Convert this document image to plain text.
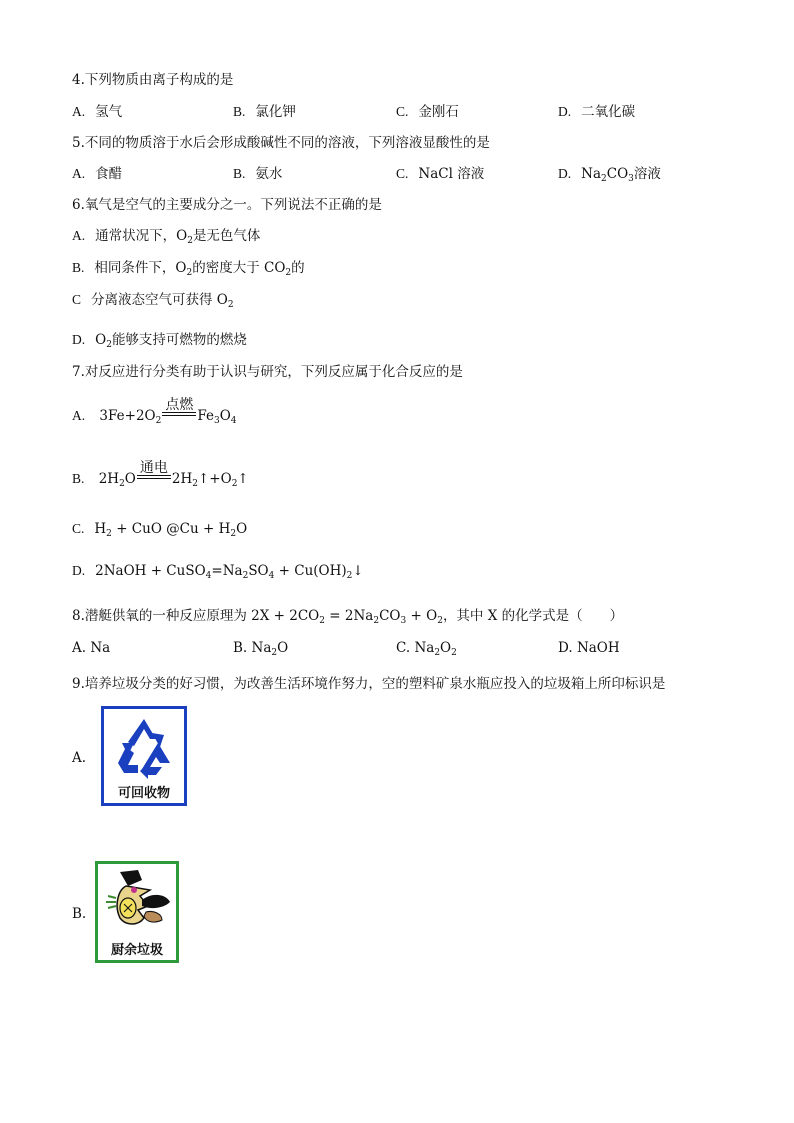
4.下列物质由离子构成的是
A. 氢气	B. 氯化钾	C. 金刚石	D. 二氧化碳
5.不同的物质溶于水后会形成酸碱性不同的溶液，下列溶液显酸性的是
A. 食醋	B. 氨水	C. NaCl 溶液	D. $Na_2CO_3$溶液
6.氧气是空气的主要成分之一。下列说法不正确的是
A. 通常状况下，$O_2$是无色气体
B. 相同条件下，$O_2$的密度大于 $CO_2$的
C 分离液态空气可获得 $O_2$
D. $O_2$能够支持可燃物的燃烧
7.对反应进行分类有助于认识与研究，下列反应属于化合反应的是
A. $3Fe+2O_2$
点燃
$Fe_3O_4$
B. $2H_2O$
通电
$2H_2↑+O_2↑$
C. $H_2$ + CuO @Cu + $H_2O$
D. 2NaOH + $CuSO_4=Na_2SO_4$ + $Cu(OH)_2↓$
8.潜艇供氧的一种反应原理为 $2X + 2CO_2 = 2Na_2CO_3 + O_2$，其中 X 的化学式是（　　）
A. Na	B. $Na_2O$	C. $Na_2O_2$	D. NaOH
9.培养垃圾分类的好习惯，为改善生活环境作努力，空的塑料矿泉水瓶应投入的垃圾箱上所印标识是
A.
可回收物
B.
厨余垃圾
